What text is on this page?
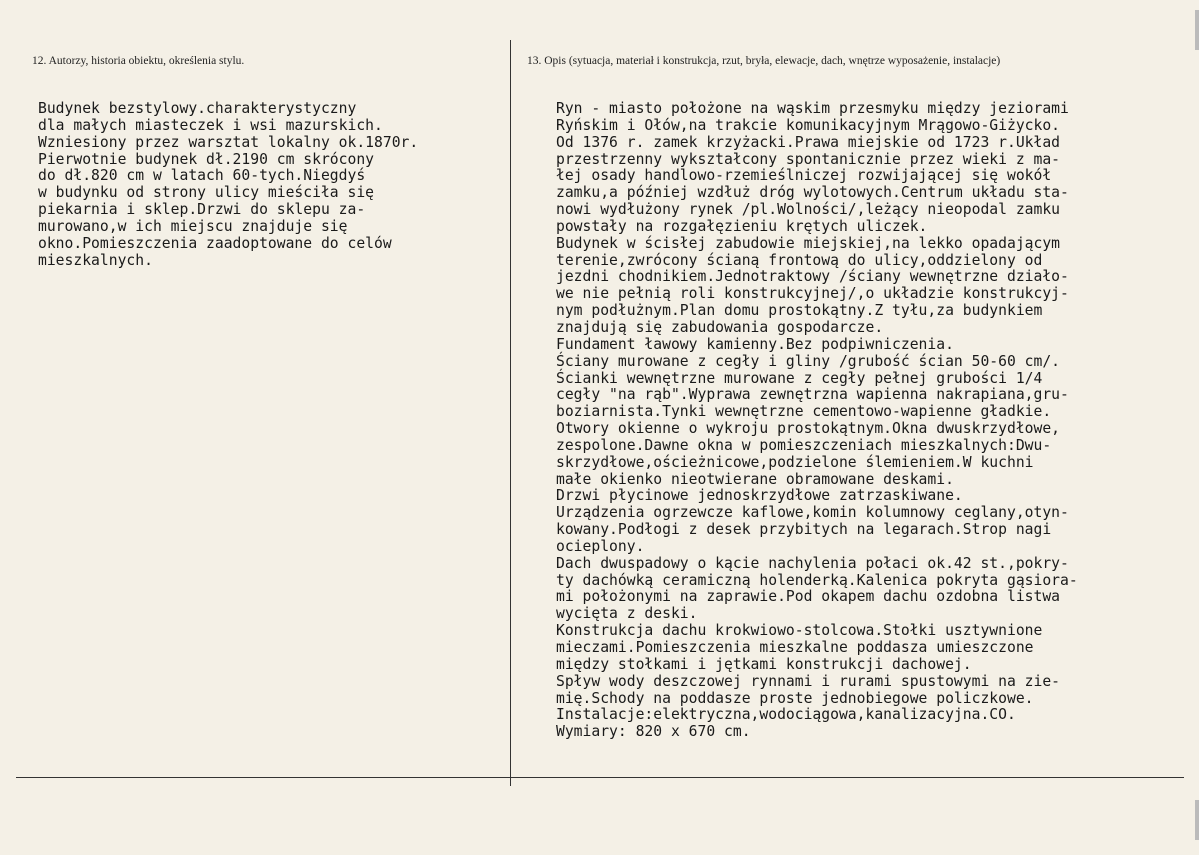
12. Autorzy, historia obiektu, określenia stylu.	13. Opis (sytuacja, materiał i konstrukcja, rzut, bryła, elewacje, dach, wnętrze wyposażenie, instalacje)
Budynek bezstylowy.charakterystyczny
dla małych miasteczek i wsi mazurskich.
Wzniesiony przez warsztat lokalny ok.1870r.
Pierwotnie budynek dł.2190 cm skrócony
do dł.820 cm w latach 60-tych.Niegdyś
w budynku od strony ulicy mieściła się
piekarnia i sklep.Drzwi do sklepu za-
murowano,w ich miejscu znajduje się
okno.Pomieszczenia zaadoptowane do celów
mieszkalnych.
Ryn - miasto położone na wąskim przesmyku między jeziorami
Ryńskim i Ołów,na trakcie komunikacyjnym Mrągowo-Giżycko.
Od 1376 r. zamek krzyżacki.Prawa miejskie od 1723 r.Układ
przestrzenny wykształcony spontanicznie przez wieki z ma-
łej osady handlowo-rzemieślniczej rozwijającej się wokół
zamku,a później wzdłuż dróg wylotowych.Centrum układu sta-
nowi wydłużony rynek /pl.Wolności/,leżący nieopodal zamku
powstały na rozgałęzieniu krętych uliczek.
Budynek w ścisłej zabudowie miejskiej,na lekko opadającym
terenie,zwrócony ścianą frontową do ulicy,oddzielony od
jezdni chodnikiem.Jednotraktowy /ściany wewnętrzne działo-
we nie pełnią roli konstrukcyjnej/,o układzie konstrukcyj-
nym podłużnym.Plan domu prostokątny.Z tyłu,za budynkiem
znajdują się zabudowania gospodarcze.
Fundament ławowy kamienny.Bez podpiwniczenia.
Ściany murowane z cegły i gliny /grubość ścian 50-60 cm/.
Ścianki wewnętrzne murowane z cegły pełnej grubości 1/4
cegły "na rąb".Wyprawa zewnętrzna wapienna nakrapiana,gru-
boziarnista.Tynki wewnętrzne cementowo-wapienne gładkie.
Otwory okienne o wykroju prostokątnym.Okna dwuskrzydłowe,
zespolone.Dawne okna w pomieszczeniach mieszkalnych:Dwu-
skrzydłowe,ościeżnicowe,podzielone ślemieniem.W kuchni
małe okienko nieotwierane obramowane deskami.
Drzwi płycinowe jednoskrzydłowe zatrzaskiwane.
Urządzenia ogrzewcze kaflowe,komin kolumnowy ceglany,otyn-
kowany.Podłogi z desek przybitych na legarach.Strop nagi
ocieplony.
Dach dwuspadowy o kącie nachylenia połaci ok.42 st.,pokry-
ty dachówką ceramiczną holenderką.Kalenica pokryta gąsiora-
mi położonymi na zaprawie.Pod okapem dachu ozdobna listwa
wycięta z deski.
Konstrukcja dachu krokwiowo-stolcowa.Stołki usztywnione
mieczami.Pomieszczenia mieszkalne poddasza umieszczone
między stołkami i jętkami konstrukcji dachowej.
Spływ wody deszczowej rynnami i rurami spustowymi na zie-
mię.Schody na poddasze proste jednobiegowe policzkowe.
Instalacje:elektryczna,wodociągowa,kanalizacyjna.CO.
Wymiary: 820 x 670 cm.
